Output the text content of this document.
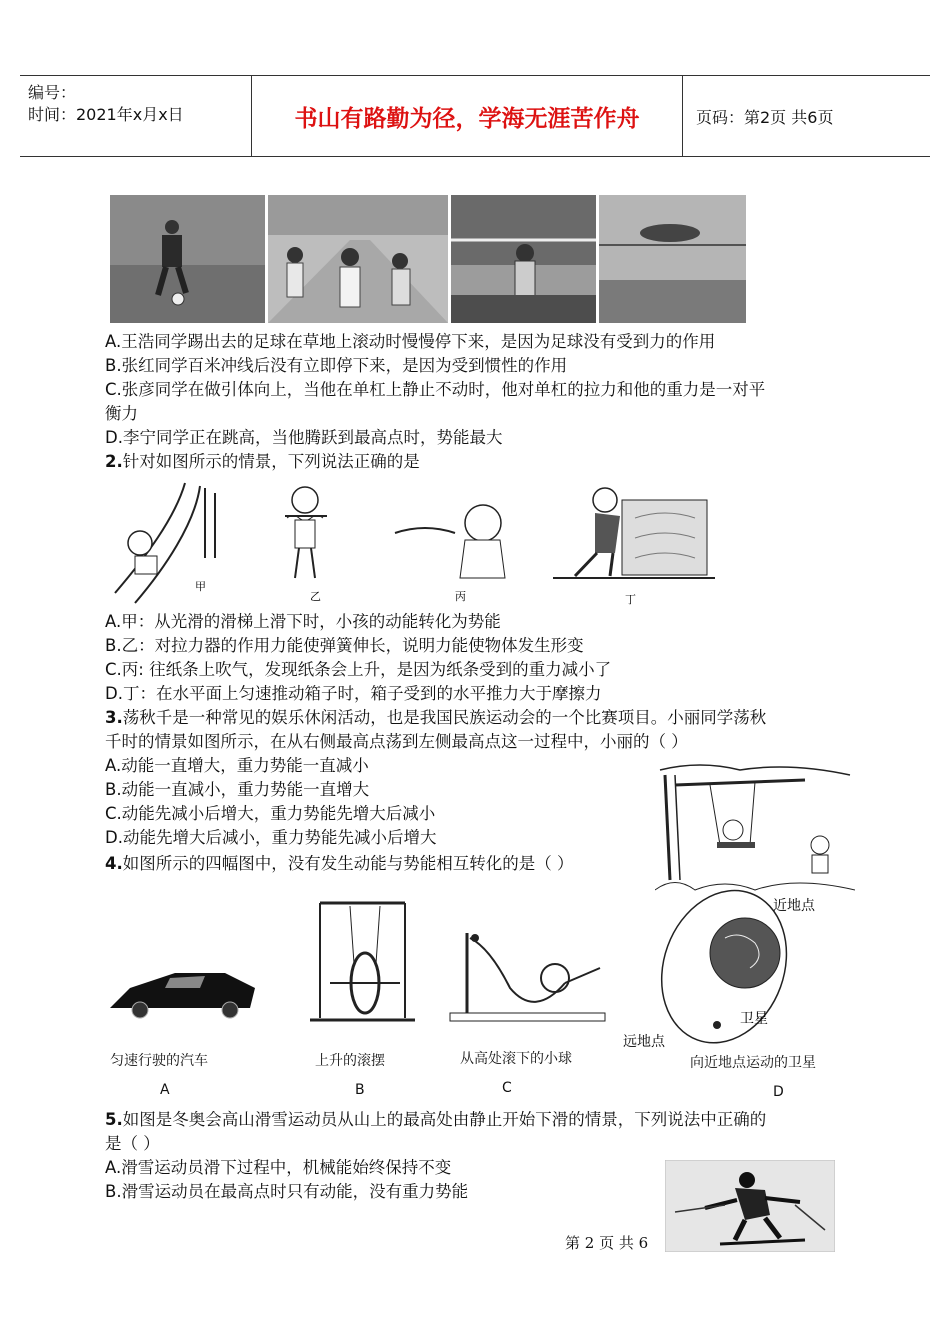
编号：
时间：2021年x月x日	书山有路勤为径，学海无涯苦作舟	页码：第2页 共6页
A.王浩同学踢出去的足球在草地上滚动时慢慢停下来，是因为足球没有受到力的作用
B.张红同学百米冲线后没有立即停下来，是因为受到惯性的作用
C.张彦同学在做引体向上，当他在单杠上静止不动时，他对单杠的拉力和他的重力是一对平
衡力
D.李宁同学正在跳高，当他腾跃到最高点时，势能最大
2.针对如图所示的情景，下列说法正确的是
甲
乙	丙	丁
A.甲：从光滑的滑梯上滑下时，小孩的动能转化为势能
B.乙：对拉力器的作用力能使弹簧伸长，说明力能使物体发生形变
C.丙: 往纸条上吹气，发现纸条会上升，是因为纸条受到的重力减小了
D.丁：在水平面上匀速推动箱子时，箱子受到的水平推力大于摩擦力
3.荡秋千是一种常见的娱乐休闲活动，也是我国民族运动会的一个比赛项目。小丽同学荡秋
千时的情景如图所示，在从右侧最高点荡到左侧最高点这一过程中，小丽的（ ）
A.动能一直增大，重力势能一直减小
B.动能一直减小，重力势能一直增大
C.动能先减小后增大，重力势能先增大后减小
D.动能先增大后减小，重力势能先减小后增大
4.如图所示的四幅图中，没有发生动能与势能相互转化的是（ ）
近地点
卫星
远地点
匀速行驶的汽车	上升的滚摆	从高处滚下的小球	向近地点运动的卫星
A	B	C	D
5.如图是冬奥会高山滑雪运动员从山上的最高处由静止开始下滑的情景，下列说法中正确的
是（ ）
A.滑雪运动员滑下过程中，机械能始终保持不变
B.滑雪运动员在最高点时只有动能，没有重力势能
第 2 页 共 6
